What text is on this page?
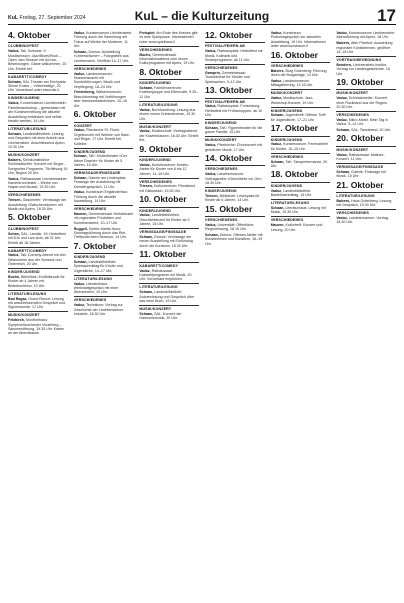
KuL Freitag, 27. September 2024	KuL – die Kulturzeitung	17
4. Oktober
CLUBBING/FEST
Vaduz, Tak, Schlossr. 9: Musiksession: Jazz/Blues/Rock – Open Jam Session mit Ad-hoc-Besetzungen. Gäste willkommen, 20 Uhr. Eintritt frei.
KABARETT/COMEDY
Schaan, SAL Theater am Kirchplatz: Simon Enzler – «Wahrhaftig», 20 Uhr. Vorverkauf unter www.tak.li.
KINDER/JUGEND
Vaduz, Kunstmuseum Liechtenstein: Familienworkshop – gemeinsam mit der Kunstvermittlung die aktuelle Ausstellung entdecken und selbst kreativ werden, 14 Uhr.
LITERATUR/LESUNG
Schaan, Landesbibliothek: Lesung und Gespräch mit einer Autorin aus Liechtenstein. Anschliessend Apéro, 19.30 Uhr.
MUSIK/KONZERT
Balzers, Kleinkunstbühne Schlösslekeller: Konzert mit Singer-Songwriter-Programm, Türöffnung 19 Uhr, Beginn 20 Uhr.
Vaduz, Rathaussaal: Liechtensteiner Kammerorchester – Werke von Haydn und Mozart, 19.30 Uhr.
VERSCHIEDENES
Triesen, Gasometer: Vernissage der Ausstellung «Zwischenräume» mit Musik und Apéro, 18.30 Uhr.
5. Oktober
CLUBBING/FEST
Schan, SAL, Landstr. 19: Herbstfest mit DJs und Live-Acts, ab 21 Uhr. Eintritt ab 18 Jahren.
KABARETT/COMEDY
Vaduz, Tak: Comedy-Abend mit drei Newcomern aus der Schweiz und Österreich, 20 Uhr.
KINDER/JUGEND
Buchs, Bibliothek: Erzählstunde für Kinder ab 4 Jahren mit Bilderbuchkino, 10 Uhr.
LITERATUR/LESUNG
Bad Ragaz, Grand Resort: Lesung mit anschliessendem Gespräch und Signierstunde, 17 Uhr.
MUSIK/KONZERT
Feldkirch, Montforthaus: Symphonieorchester Vorarlberg – Saisoneröffnung, 19.30 Uhr. Karten an der Abendkasse.
Vaduz, Kunstmuseum Liechtenstein: Führung durch die Sammlung mit Fokus auf Werke der Moderne, 11 Uhr.
Schaan, Domus: Ausstellung «Lebensräume» – Fotografien aus Liechtenstein. Geöffnet 14–17 Uhr.
VERSCHIEDENES
Vaduz, Landesmuseum: Museumsnacht mit Sonderführungen, Musik und Verpflegung, 18–24 Uhr.
Triesenberg, Walsermuseum: Brauchtumstag mit Vorführungen alter Handwerkstechniken, 10–16 Uhr.
6. Oktober
KONZERT
Vaduz, Pfarrkirche St. Florin: Orgelkonzert mit Werken von Bach und Reger, 17 Uhr. Eintritt frei, Kollekte.
KINDER/JUGEND
Schaan, TaK: Kindertheater «Der kleine Drache» für Kinder ab 5 Jahren, 15 Uhr.
VERNISSAGE/FINISSAGE
Schaan, Galerie am Lindenplatz: Finissage der Ausstellung mit Künstlergespräch, 11 Uhr.
Vaduz, Kunstraum Engländerbau: Führung durch die aktuelle Ausstellung, 14 Uhr.
VERSCHIEDENES
Mauren, Gemeindesaal: Herbstmarkt mit regionalen Produkten und Kunsthandwerk, 10–17 Uhr.
Ruggell, Küefer-Martis-Huus: Sonntagsführung durch das Riet, Treffpunkt beim Museum, 14 Uhr.
7. Oktober
KINDER/JUGEND
Schaan, Landesbibliothek: Spielnachmittag für Kinder und Jugendliche, 14–17 Uhr.
LITERATUR/LESUNG
Vaduz, Literaturhaus: Werkstattgespräch mit einer Übersetzerin, 19 Uhr.
VERSCHIEDENES
Vaduz, Technikum: Vortrag zur Geschichte der Liechtensteiner Industrie, 18.30 Uhr.
Freispiel: Am Ende des Kreises gibt es eine Spielpause. Informationen unter www.spielhaus.li
VERSCHIEDENES
Buchs, Gemeindesaal: Informationsabend zum neuen Kulturprogramm mit Apéro, 19 Uhr.
8. Oktober
KINDER/JUGEND
Schaan, Familienzentrum: Krabbelgruppe und Elterncafé, 9.30–11 Uhr.
LITERATUR/LESUNG
Vaduz, Buchhandlung: Lesung aus einem neuen Kriminalroman, 19.30 Uhr.
MUSIK/KONZERT
Vaduz, Musikschule: Vortragsabend der Klavierklassen, 18.30 Uhr. Eintritt frei.
9. Oktober
KINDER/JUGEND
Vaduz, Kunstmuseum: Kreativ-Atelier für Kinder von 6 bis 12 Jahren, 14–16 Uhr.
VERSCHIEDENES
Triesen, Kulturzentrum: Filmabend mit Diskussion, 19.30 Uhr.
10. Oktober
KINDER/JUGEND
Vaduz, Landesbibliothek: Geschichtenzeit für Kinder ab 3 Jahren, 15 Uhr.
VERNISSAGE/FINISSAGE
Schaan, Domus: Vernissage der neuen Ausstellung mit Einführung durch die Kuratorin, 18.30 Uhr.
11. Oktober
KABARETT/COMEDY
Vaduz, Rathaussaal: Kabarettprogramm mit Musik, 20 Uhr. Vorverkauf empfohlen.
LITERATUR/LESUNG
Schaan, Landesbibliothek: Autorenlesung und Gespräch über das neue Buch, 19 Uhr.
MUSIK/KONZERT
Schaan, SAL: Konzert der Harmoniemusik, 20 Uhr.
12. Oktober
FESTIVAL/FEIERN AB
Vaduz, Rathausplatz: Herbstfest mit Musik, Kulinarik und Kinderprogramm, ab 11 Uhr.
VERSCHIEDENES
Gamprin, Gemeindesaal: Tauschbörse für Kleider und Spielsachen, 9–12 Uhr.
13. Oktober
FESTIVAL/FEIERN AB
Vaduz, Rathausplatz: Fortsetzung Herbstfest mit Frühschoppen, ab 10 Uhr.
KINDER/JUGEND
Schaan, TaK: Figurentheater für die ganze Familie, 15 Uhr.
MUSIK/KONZERT
Vaduz, Pfarrkirche: Chorkonzert mit geistlicher Musik, 17 Uhr.
14. Oktober
VERSCHIEDENES
Vaduz, Landesmuseum: Vortragsreihe «Geschichte vor Ort», 18.30 Uhr.
KINDER/JUGEND
Triesen, Bibliothek: Lesespass für Kinder ab 6 Jahren, 14 Uhr.
15. Oktober
VERSCHIEDENES
Vaduz, Universität: Öffentliche Ringvorlesung, 18.15 Uhr.
Schaan, Domus: Offenes Atelier mit Künstlerinnen und Künstlern, 16–19 Uhr.
Vaduz, Kunstraum: Podiumsgespräch zur aktuellen Ausstellung, 19 Uhr. Informationen unter www.kunstraum.li
16. Oktober
VERSCHIEDENES
Balzers, Burg Gutenberg: Führung durch die Burganlage, 14 Uhr.
Vaduz, Landesmuseum: Mittagsführung, 12.15 Uhr.
MUSIK/KONZERT
Vaduz, Musikschule: Jazz-Workshop-Konzert, 19 Uhr.
KINDER/JUGEND
Schaan, Jugendtreff: Offener Treff für Jugendliche, 17–21 Uhr.
17. Oktober
KINDER/JUGEND
Vaduz, Kunstmuseum: Ferienatelier für Kinder, 10–15 Uhr.
VERSCHIEDENES
Schaan, TaK: Tanzperformance, 20 Uhr.
18. Oktober
KINDER/JUGEND
Vaduz, Landesbibliothek: Bastelnachmittag, 14 Uhr.
LITERATUR/LESUNG
Schaan, Literaturhaus: Lesung mit Musik, 19.30 Uhr.
VERSCHIEDENES
Mauren, Kulturtreff: Konzert und Lesung, 20 Uhr.
Vaduz, Kunstmuseum Liechtenstein: Abendführung mit Apéro, 18 Uhr.
Balzers, Alter Pfarrhof: Ausstellung regionaler Künstlerinnen, geöffnet 14–18 Uhr.
VORTRAG/BEGEGNUNG
Bendern, Liechtenstein-Institut: Vortrag zur Landesgeschichte, 18 Uhr.
19. Oktober
MUSIK/KONZERT
Vaduz, Schlösslekeller: Konzert einer Rockband aus der Region, 20.30 Uhr.
VERSCHIEDENES
Vaduz, Mikro-Markt, Mein Tag in Vaduz, 9–14 Uhr.
Schaan, SAL: Tanzabend, 20 Uhr.
20. Oktober
MUSIK/KONZERT
Vaduz, Rathaussaal: Matinee-Konzert, 11 Uhr.
VERNISSAGE/FINISSAGE
Schaan, Galerie: Finissage mit Musik, 15 Uhr.
21. Oktober
LITERATUR/LESUNG
Balzers, Haus Gutenberg: Lesung mit Gespräch, 19.30 Uhr.
VERSCHIEDENES
Vaduz, Landesmuseum: Vortrag, 18.30 Uhr.
